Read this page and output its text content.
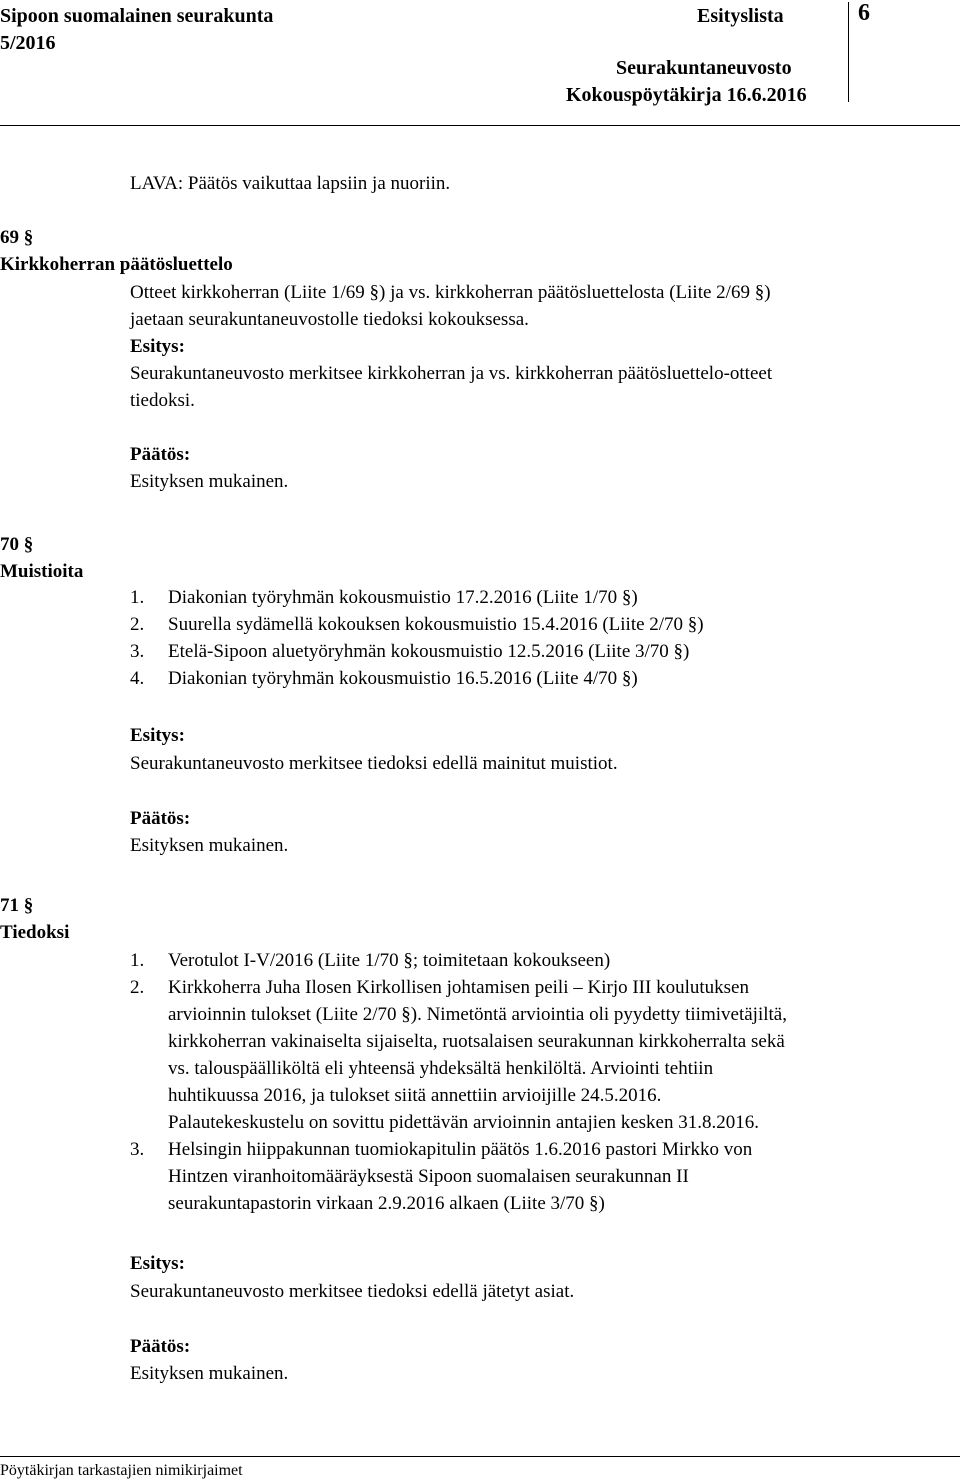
Sipoon suomalainen seurakunta
5/2016
Esityslista	6
Seurakuntaneuvosto
Kokouspöytäkirja 16.6.2016
LAVA: Päätös vaikuttaa lapsiin ja nuoriin.
69 §
Kirkkoherran päätösluettelo
Otteet kirkkoherran (Liite 1/69 §) ja vs. kirkkoherran päätösluettelosta (Liite 2/69 §)
jaetaan seurakuntaneuvostolle tiedoksi kokouksessa.
Esitys:
Seurakuntaneuvosto merkitsee kirkkoherran ja vs. kirkkoherran päätösluettelo-otteet
tiedoksi.
Päätös:
Esityksen mukainen.
70 §
Muistioita
1. Diakonian työryhmän kokousmuistio 17.2.2016 (Liite 1/70 §)
2. Suurella sydämellä kokouksen kokousmuistio 15.4.2016 (Liite 2/70 §)
3. Etelä-Sipoon aluetyöryhmän kokousmuistio 12.5.2016 (Liite 3/70 §)
4. Diakonian työryhmän kokousmuistio 16.5.2016 (Liite 4/70 §)
Esitys:
Seurakuntaneuvosto merkitsee tiedoksi edellä mainitut muistiot.
Päätös:
Esityksen mukainen.
71 §
Tiedoksi
1. Verotulot I-V/2016 (Liite 1/70 §; toimitetaan kokoukseen)
2. Kirkkoherra Juha Ilosen Kirkollisen johtamisen peili – Kirjo III koulutuksen
arvioinnin tulokset (Liite 2/70 §). Nimetöntä arviointia oli pyydetty tiimivetäjiltä,
kirkkoherran vakinaiselta sijaiselta, ruotsalaisen seurakunnan kirkkoherralta sekä
vs. talouspäälliköltä eli yhteensä yhdeksältä henkilöltä. Arviointi tehtiin
huhtikuussa 2016, ja tulokset siitä annettiin arvioijille 24.5.2016.
Palautekeskustelu on sovittu pidettävän arvioinnin antajien kesken 31.8.2016.
3. Helsingin hiippakunnan tuomiokapitulin päätös 1.6.2016 pastori Mirkko von
Hintzen viranhoitomääräyksestä Sipoon suomalaisen seurakunnan II
seurakuntapastorin virkaan 2.9.2016 alkaen (Liite 3/70 §)
Esitys:
Seurakuntaneuvosto merkitsee tiedoksi edellä jätetyt asiat.
Päätös:
Esityksen mukainen.
Pöytäkirjan tarkastajien nimikirjaimet
